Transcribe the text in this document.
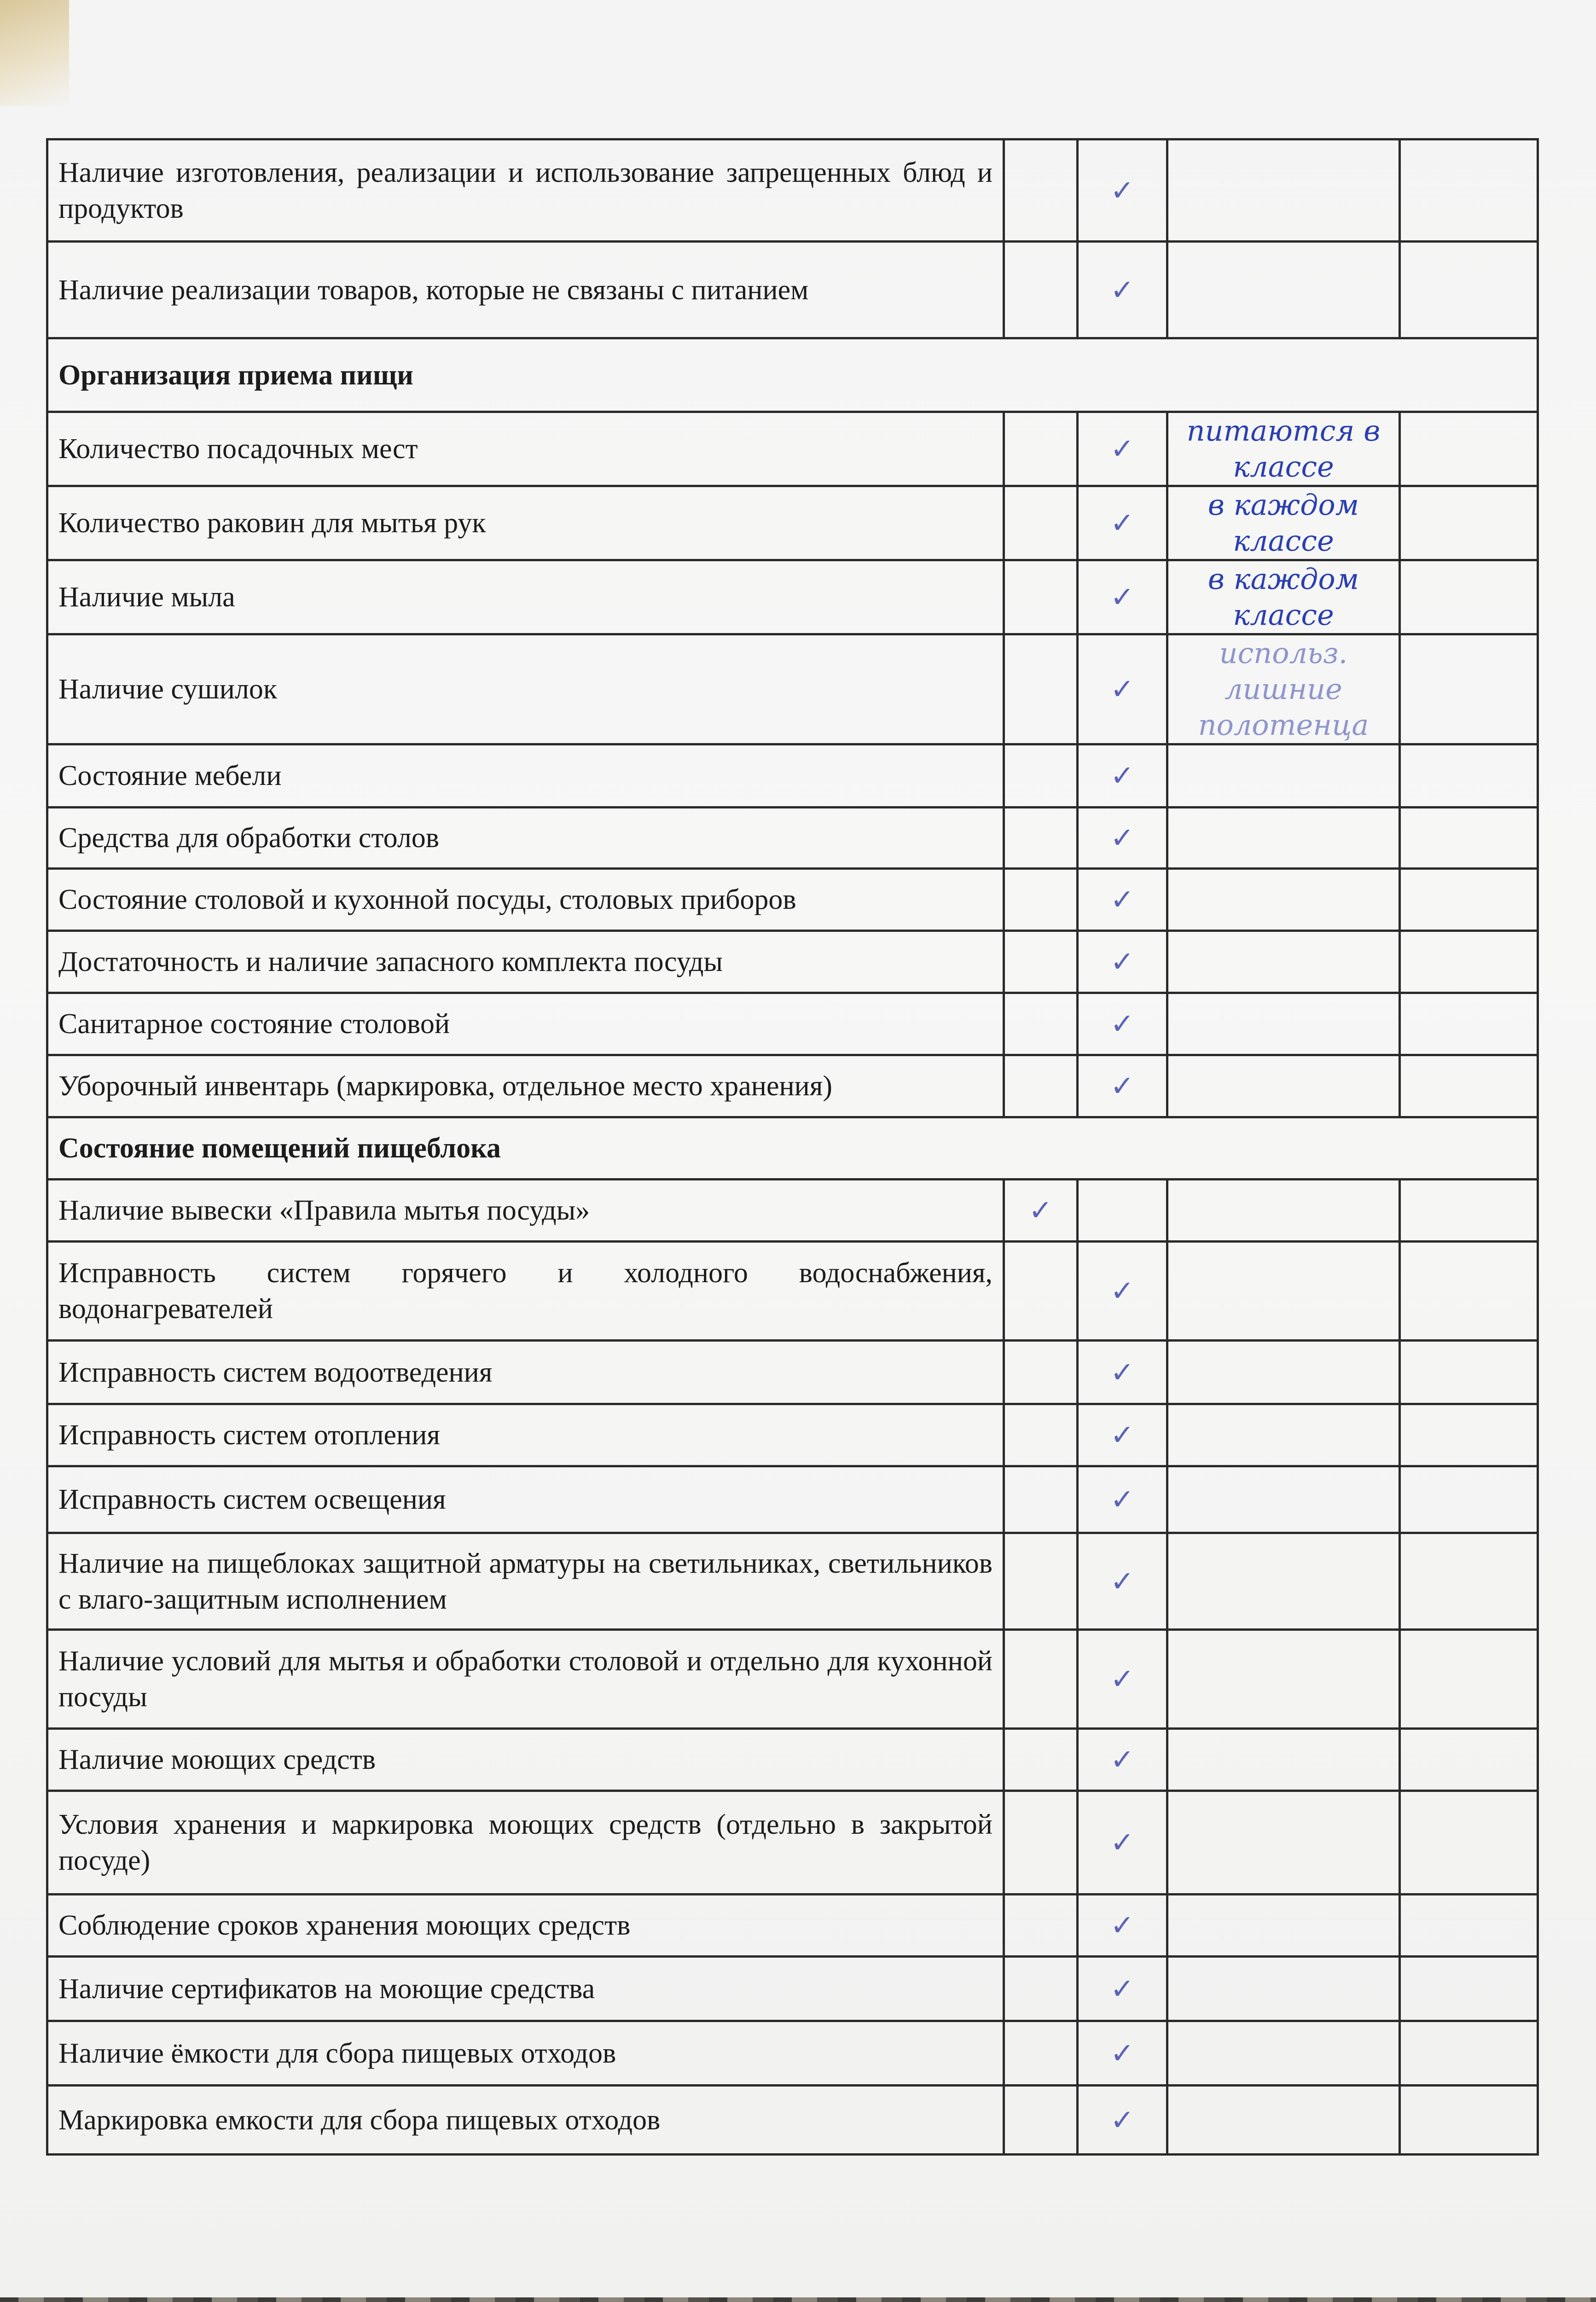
Наличие изготовления, реализации и использование запрещенных блюд и продуктов		✓		
Наличие реализации товаров, которые не связаны с питанием		✓		
Организация приема пищи				
Количество посадочных мест		✓	питаются в классе	
Количество раковин для мытья рук		✓	в каждом классе	
Наличие мыла		✓	в каждом классе	
Наличие сушилок		✓	использ. лишние полотенца	
Состояние мебели		✓		
Средства для обработки столов		✓		
Состояние столовой и кухонной посуды, столовых приборов		✓		
Достаточность и наличие запасного комплекта посуды		✓		
Санитарное состояние столовой		✓		
Уборочный инвентарь (маркировка, отдельное место хранения)		✓		
Состояние помещений пищеблока				
Наличие вывески «Правила мытья посуды»	✓			
Исправность систем горячего и холодного водоснабжения, водонагревателей		✓		
Исправность систем водоотведения		✓		
Исправность систем отопления		✓		
Исправность систем освещения		✓		
Наличие на пищеблоках защитной арматуры на светильниках, светильников с влаго-защитным исполнением		✓		
Наличие условий для мытья и обработки столовой и отдельно для кухонной посуды		✓		
Наличие моющих средств		✓		
Условия хранения и маркировка моющих средств (отдельно в закрытой посуде)		✓		
Соблюдение сроков хранения моющих средств		✓		
Наличие сертификатов на моющие средства		✓		
Наличие ёмкости для сбора пищевых отходов		✓		
Маркировка емкости для сбора пищевых отходов		✓		
